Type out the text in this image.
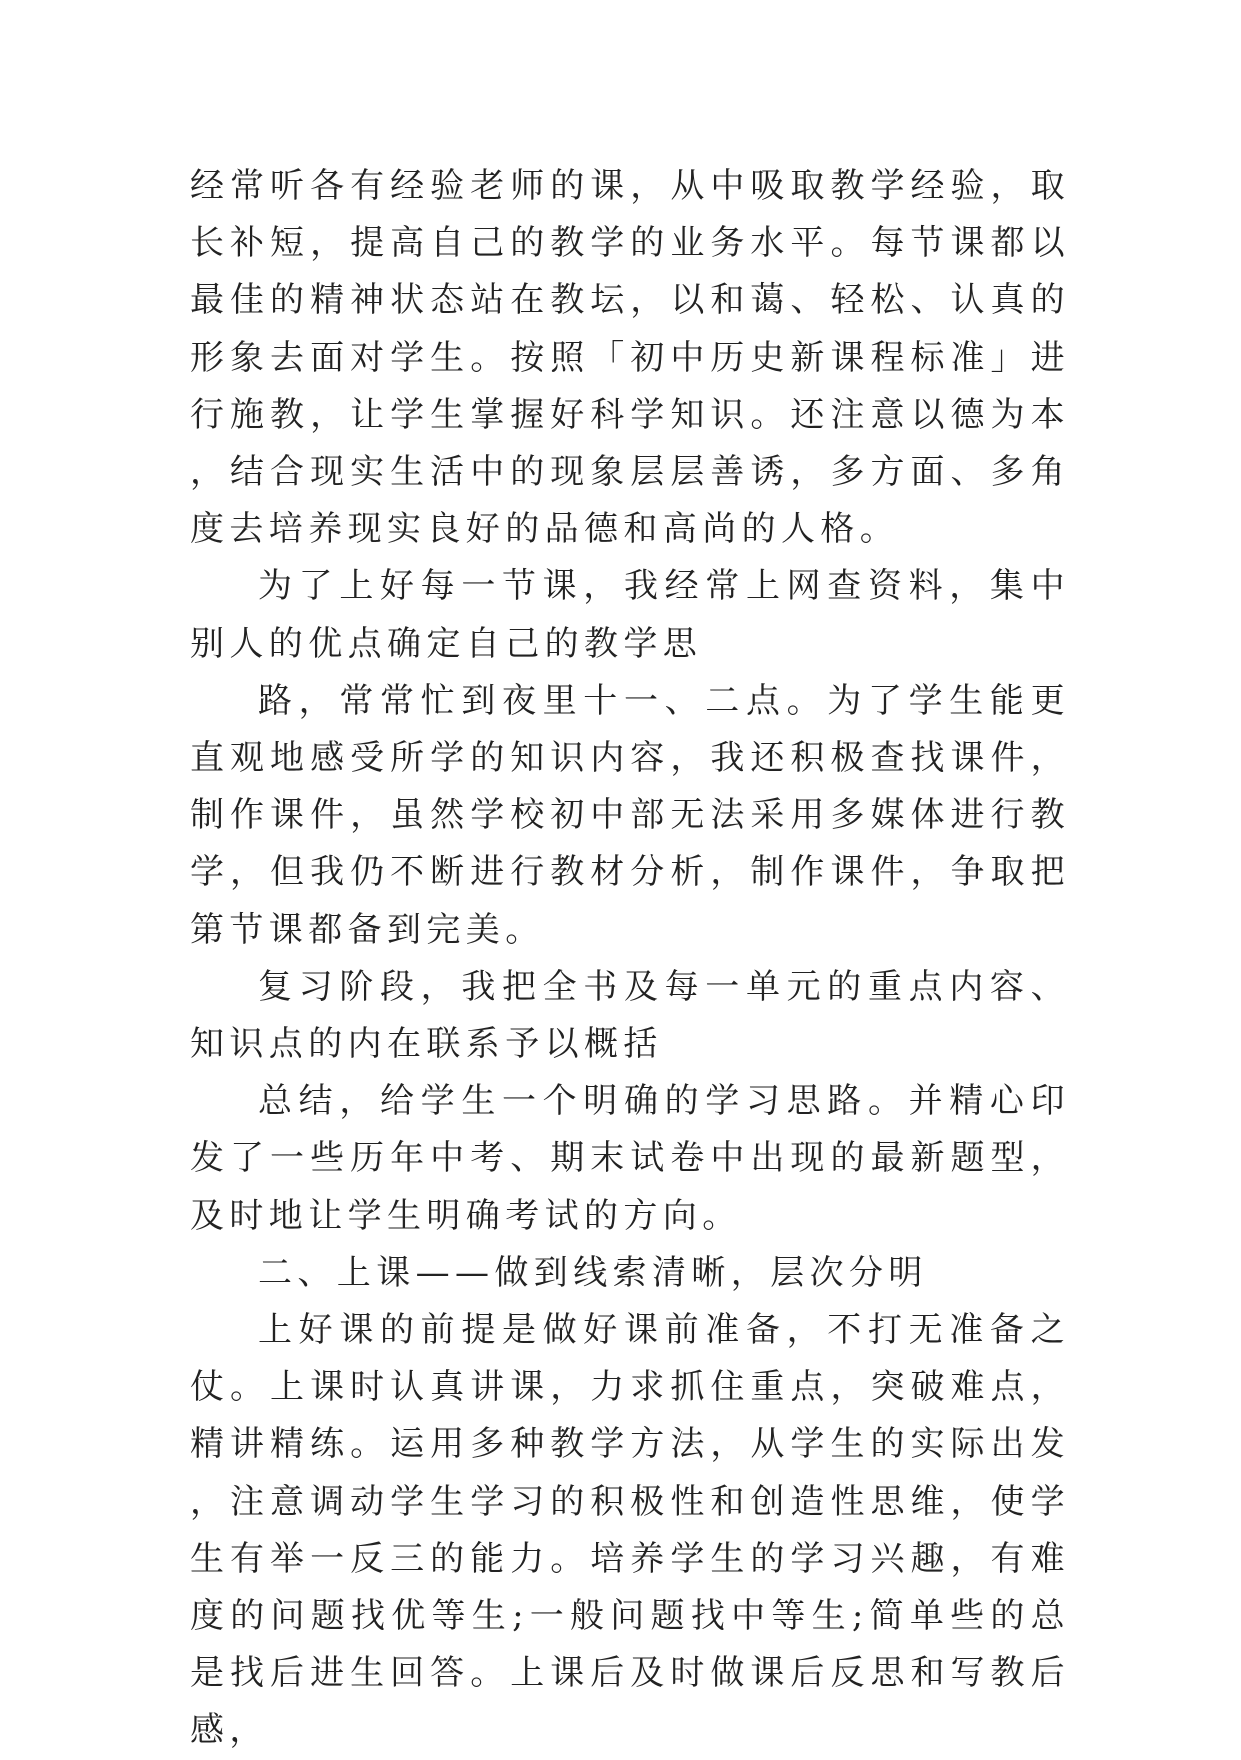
经常听各有经验老师的课，从中吸取教学经验，取长补短，提高自己的教学的业务水平。每节课都以最佳的精神状态站在教坛，以和蔼、轻松、认真的形象去面对学生。按照「初中历史新课程标准」进行施教，让学生掌握好科学知识。还注意以德为本，结合现实生活中的现象层层善诱，多方面、多角度去培养现实良好的品德和高尚的人格。

为了上好每一节课，我经常上网查资料，集中别人的优点确定自己的教学思

路，常常忙到夜里十一、二点。为了学生能更直观地感受所学的知识内容，我还积极查找课件，制作课件，虽然学校初中部无法采用多媒体进行教学，但我仍不断进行教材分析，制作课件，争取把第节课都备到完美。

复习阶段，我把全书及每一单元的重点内容、知识点的内在联系予以概括

总结，给学生一个明确的学习思路。并精心印发了一些历年中考、期末试卷中出现的最新题型，及时地让学生明确考试的方向。

二、上课——做到线索清晰，层次分明

上好课的前提是做好课前准备，不打无准备之仗。上课时认真讲课，力求抓住重点，突破难点，精讲精练。运用多种教学方法，从学生的实际出发，注意调动学生学习的积极性和创造性思维，使学生有举一反三的能力。培养学生的学习兴趣，有难度的问题找优等生;一般问题找中等生;简单些的总是找后进生回答。上课后及时做课后反思和写教后感，
